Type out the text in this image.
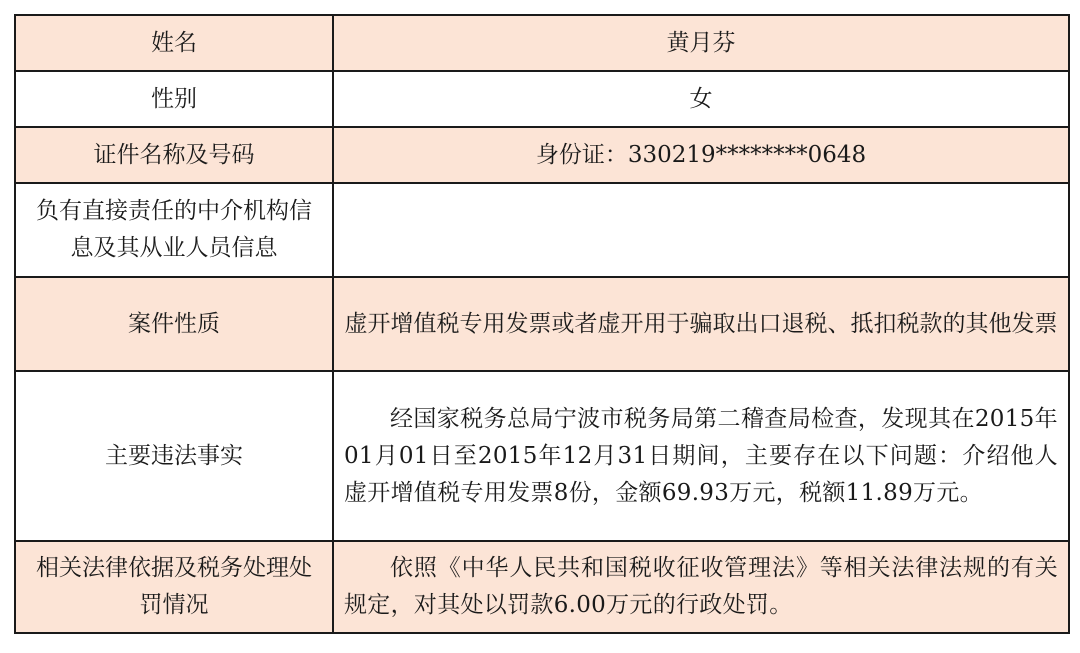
姓名	黄月芬
性别	女
证件名称及号码	身份证：330219********0648
负有直接责任的中介机构信息及其从业人员信息	
案件性质	虚开增值税专用发票或者虚开用于骗取出口退税、抵扣税款的其他发票
主要违法事实	经国家税务总局宁波市税务局第二稽查局检查，发现其在2015年01月01日至2015年12月31日期间，主要存在以下问题：介绍他人虚开增值税专用发票8份，金额69.93万元，税额11.89万元。
相关法律依据及税务处理处罚情况	依照《中华人民共和国税收征收管理法》等相关法律法规的有关规定，对其处以罚款6.00万元的行政处罚。
